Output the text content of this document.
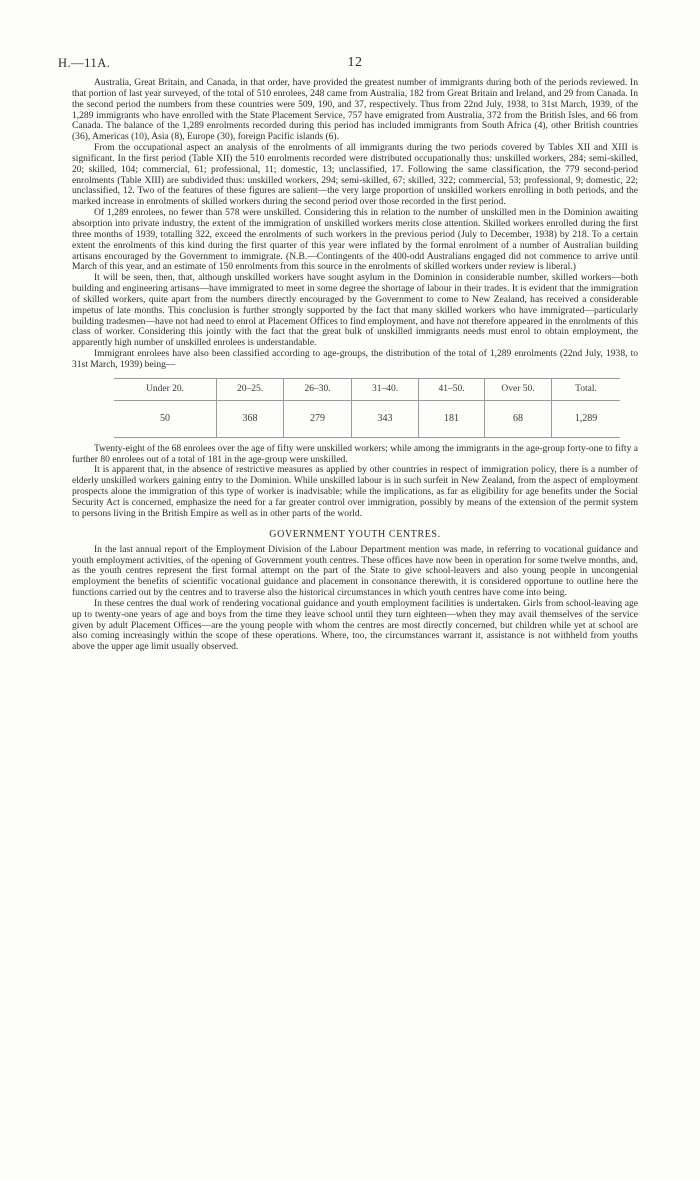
H.—11A.	12

Australia, Great Britain, and Canada, in that order, have provided the greatest number of immigrants during both of the periods reviewed. In that portion of last year surveyed, of the total of 510 enrolees, 248 came from Australia, 182 from Great Britain and Ireland, and 29 from Canada. In the second period the numbers from these countries were 509, 190, and 37, respectively. Thus from 22nd July, 1938, to 31st March, 1939, of the 1,289 immigrants who have enrolled with the State Placement Service, 757 have emigrated from Australia, 372 from the British Isles, and 66 from Canada. The balance of the 1,289 enrolments recorded during this period has included immigrants from South Africa (4), other British countries (36), Americas (10), Asia (8), Europe (30), foreign Pacific islands (6).

From the occupational aspect an analysis of the enrolments of all immigrants during the two periods covered by Tables XII and XIII is significant. In the first period (Table XII) the 510 enrolments recorded were distributed occupationally thus: unskilled workers, 284; semi-skilled, 20; skilled, 104; commercial, 61; professional, 11; domestic, 13; unclassified, 17. Following the same classification, the 779 second-period enrolments (Table XIII) are subdivided thus: unskilled workers, 294; semi-skilled, 67; skilled, 322; commercial, 53; professional, 9; domestic, 22; unclassified, 12. Two of the features of these figures are salient—the very large proportion of unskilled workers enrolling in both periods, and the marked increase in enrolments of skilled workers during the second period over those recorded in the first period.

Of 1,289 enrolees, no fewer than 578 were unskilled. Considering this in relation to the number of unskilled men in the Dominion awaiting absorption into private industry, the extent of the immigration of unskilled workers merits close attention. Skilled workers enrolled during the first three months of 1939, totalling 322, exceed the enrolments of such workers in the previous period (July to December, 1938) by 218. To a certain extent the enrolments of this kind during the first quarter of this year were inflated by the formal enrolment of a number of Australian building artisans encouraged by the Government to immigrate. (N.B.—Contingents of the 400-odd Australians engaged did not commence to arrive until March of this year, and an estimate of 150 enrolments from this source in the enrolments of skilled workers under review is liberal.)

It will be seen, then, that, although unskilled workers have sought asylum in the Dominion in considerable number, skilled workers—both building and engineering artisans—have immigrated to meet in some degree the shortage of labour in their trades. It is evident that the immigration of skilled workers, quite apart from the numbers directly encouraged by the Government to come to New Zealand, has received a considerable impetus of late months. This conclusion is further strongly supported by the fact that many skilled workers who have immigrated—particularly building tradesmen—have not had need to enrol at Placement Offices to find employment, and have not therefore appeared in the enrolments of this class of worker. Considering this jointly with the fact that the great bulk of unskilled immigrants needs must enrol to obtain employment, the apparently high number of unskilled enrolees is understandable.

Immigrant enrolees have also been classified according to age-groups, the distribution of the total of 1,289 enrolments (22nd July, 1938, to 31st March, 1939) being—

Under 20.	20–25.	26–30.	31–40.	41–50.	Over 50.	Total.
50	368	279	343	181	68	1,289

Twenty-eight of the 68 enrolees over the age of fifty were unskilled workers; while among the immigrants in the age-group forty-one to fifty a further 80 enrolees out of a total of 181 in the age-group were unskilled.

It is apparent that, in the absence of restrictive measures as applied by other countries in respect of immigration policy, there is a number of elderly unskilled workers gaining entry to the Dominion. While unskilled labour is in such surfeit in New Zealand, from the aspect of employment prospects alone the immigration of this type of worker is inadvisable; while the implications, as far as eligibility for age benefits under the Social Security Act is concerned, emphasize the need for a far greater control over immigration, possibly by means of the extension of the permit system to persons living in the British Empire as well as in other parts of the world.

GOVERNMENT YOUTH CENTRES.

In the last annual report of the Employment Division of the Labour Department mention was made, in referring to vocational guidance and youth employment activities, of the opening of Government youth centres. These offices have now been in operation for some twelve months, and, as the youth centres represent the first formal attempt on the part of the State to give school-leavers and also young people in uncongenial employment the benefits of scientific vocational guidance and placement in consonance therewith, it is considered opportune to outline here the functions carried out by the centres and to traverse also the historical circumstances in which youth centres have come into being.

In these centres the dual work of rendering vocational guidance and youth employment facilities is undertaken. Girls from school-leaving age up to twenty-one years of age and boys from the time they leave school until they turn eighteen—when they may avail themselves of the service given by adult Placement Offices—are the young people with whom the centres are most directly concerned, but children while yet at school are also coming increasingly within the scope of these operations. Where, too, the circumstances warrant it, assistance is not withheld from youths above the upper age limit usually observed.
